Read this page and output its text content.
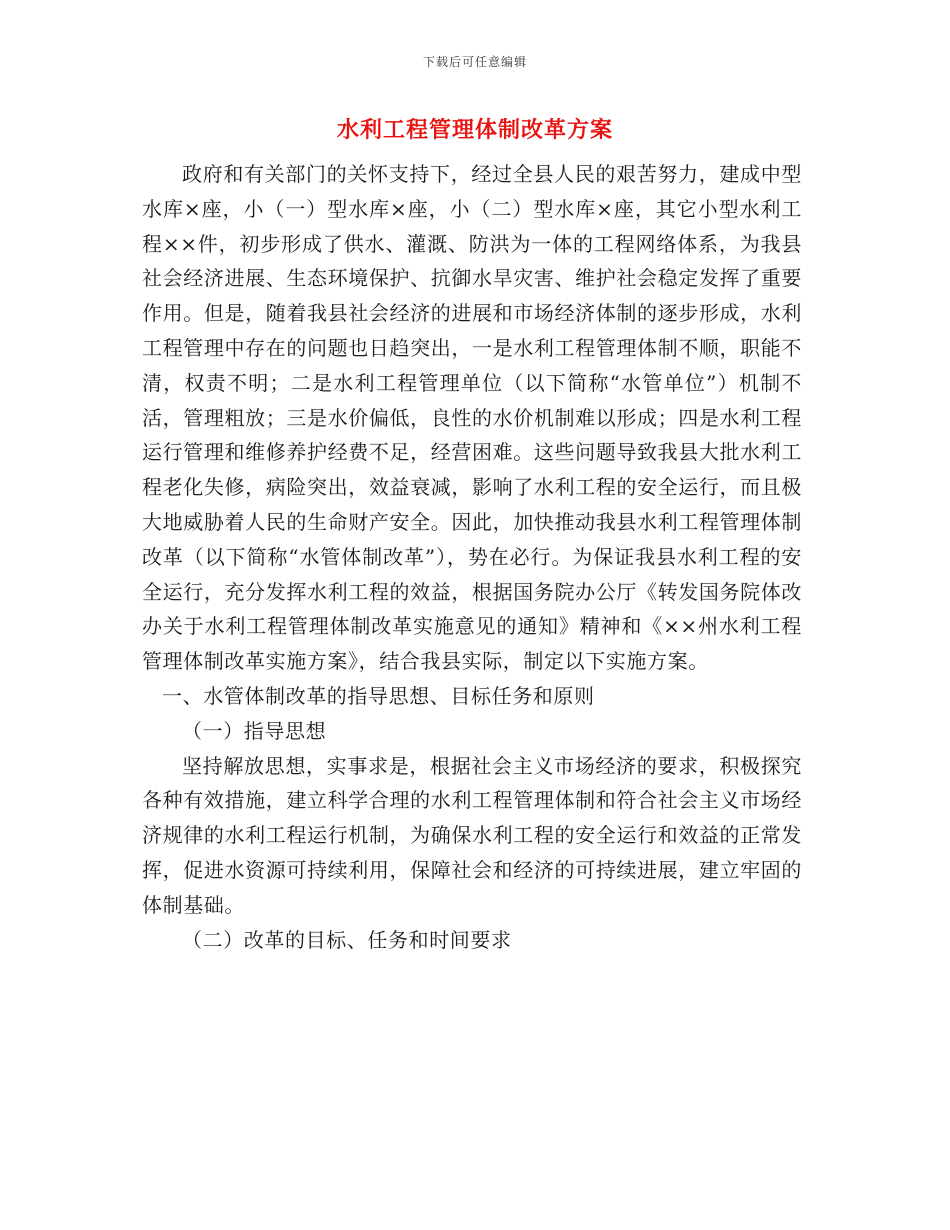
下载后可任意编辑
水利工程管理体制改革方案

政府和有关部门的关怀支持下，经过全县人民的艰苦努力，建成中型水库×座，小（一）型水库×座，小（二）型水库×座，其它小型水利工程××件，初步形成了供水、灌溉、防洪为一体的工程网络体系，为我县社会经济进展、生态环境保护、抗御水旱灾害、维护社会稳定发挥了重要作用。但是，随着我县社会经济的进展和市场经济体制的逐步形成，水利工程管理中存在的问题也日趋突出，一是水利工程管理体制不顺，职能不清，权责不明；二是水利工程管理单位（以下简称“水管单位”）机制不活，管理粗放；三是水价偏低，良性的水价机制难以形成；四是水利工程运行管理和维修养护经费不足，经营困难。这些问题导致我县大批水利工程老化失修，病险突出，效益衰减，影响了水利工程的安全运行，而且极大地威胁着人民的生命财产安全。因此，加快推动我县水利工程管理体制改革（以下简称“水管体制改革”），势在必行。为保证我县水利工程的安全运行，充分发挥水利工程的效益，根据国务院办公厅《转发国务院体改办关于水利工程管理体制改革实施意见的通知》精神和《××州水利工程管理体制改革实施方案》，结合我县实际，制定以下实施方案。

一、水管体制改革的指导思想、目标任务和原则

（一）指导思想

坚持解放思想，实事求是，根据社会主义市场经济的要求，积极探究各种有效措施，建立科学合理的水利工程管理体制和符合社会主义市场经济规律的水利工程运行机制，为确保水利工程的安全运行和效益的正常发挥，促进水资源可持续利用，保障社会和经济的可持续进展，建立牢固的体制基础。

（二）改革的目标、任务和时间要求
